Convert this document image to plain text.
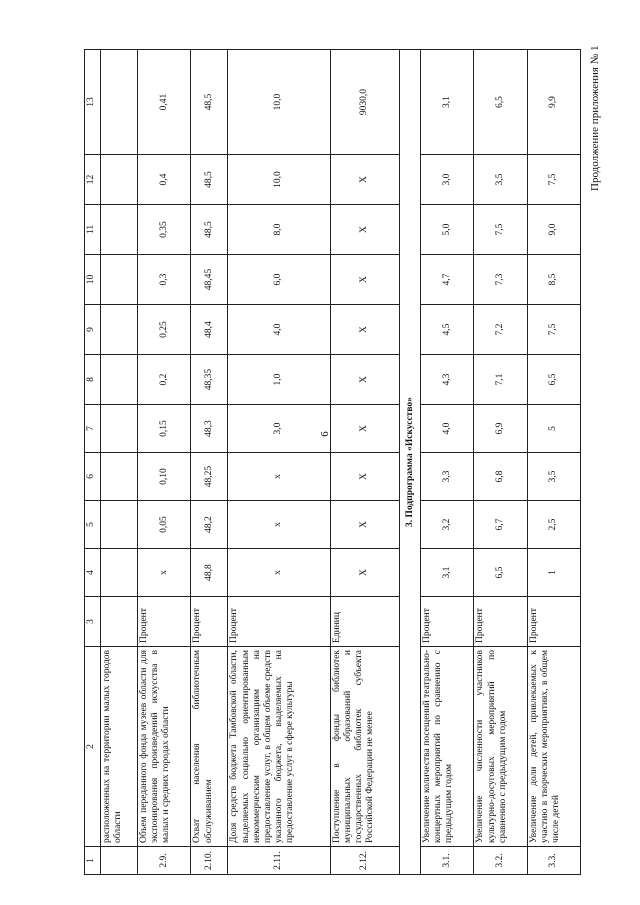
6
Продолжение приложения № 1
1	2	3	4	5	6	7	8	9	10	11	12	13
	расположенных на территории малых городов области											
2.9.	Объем переданного фонда музеев области для экспонирования произведений искусства в малых и средних городах области	Процент	x	0,05	0,10	0,15	0,2	0,25	0,3	0,35	0,4	0,41
2.10.	Охват населения библиотечным обслуживанием	Процент	48,8	48,2	48,25	48,3	48,35	48,4	48,45	48,5	48,5	48,5
2.11.	Доля средств бюджета Тамбовской области, выделяемых социально ориентированным некоммерческим организациям на предоставление услуг, в общем объеме средств указанного бюджета, выделяемых на предоставление услуг в сфере культуры	Процент	x	x	x	3,0	1,0	4,0	6,0	8,0	10,0	10,0
2.12.	Поступление в фонды библиотек муниципальных образований и государственных библиотек субъекта Российской Федерации не менее	Единиц	X	X	X	X	X	X	X	X	X	9030,0
3. Подпрограмма «Искусство»												
3.1.	Увеличение количества посещений театрально-концертных мероприятий по сравнению с предыдущим годом	Процент	3,1	3,2	3,3	4,0	4,3	4,5	4,7	5,0	3,0	3,1
3.2.	Увеличение численности участников культурно-досуговых мероприятий по сравнению с предыдущим годом	Процент	6,5	6,7	6,8	6,9	7,1	7,2	7,3	7,5	3,5	6,5
3.3.	Увеличение доли детей, привлекаемых к участию в творческих мероприятиях, в общем числе детей	Процент	1	2,5	3,5	5	6,5	7,5	8,5	9,0	7,5	9,9
